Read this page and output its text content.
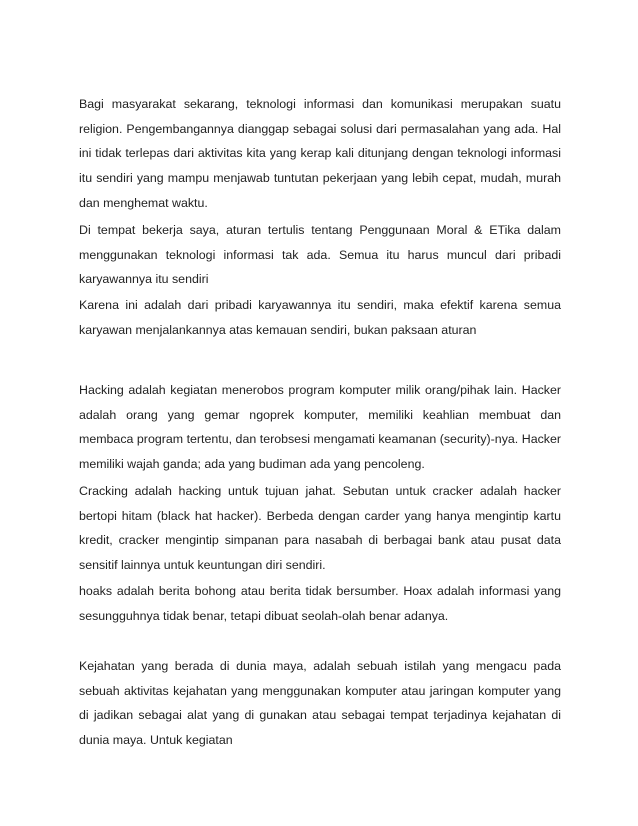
Bagi masyarakat sekarang, teknologi informasi dan komunikasi merupakan suatu religion. Pengembangannya dianggap sebagai solusi dari permasalahan yang ada. Hal ini tidak terlepas dari aktivitas kita yang kerap kali ditunjang dengan teknologi informasi itu sendiri yang mampu menjawab tuntutan pekerjaan yang lebih cepat, mudah, murah dan menghemat waktu.

Di tempat bekerja saya, aturan tertulis tentang Penggunaan Moral & ETika dalam menggunakan teknologi informasi tak ada. Semua itu harus muncul dari pribadi karyawannya itu sendiri

Karena ini adalah dari pribadi karyawannya itu sendiri, maka efektif karena semua karyawan menjalankannya atas kemauan sendiri, bukan paksaan aturan

Hacking adalah kegiatan menerobos program komputer milik orang/pihak lain. Hacker adalah orang yang gemar ngoprek komputer, memiliki keahlian membuat dan membaca program tertentu, dan terobsesi mengamati keamanan (security)-nya. Hacker memiliki wajah ganda; ada yang budiman ada yang pencoleng.

Cracking adalah hacking untuk tujuan jahat. Sebutan untuk cracker adalah hacker bertopi hitam (black hat hacker). Berbeda dengan carder yang hanya mengintip kartu kredit, cracker mengintip simpanan para nasabah di berbagai bank atau pusat data sensitif lainnya untuk keuntungan diri sendiri.

hoaks adalah berita bohong atau berita tidak bersumber. Hoax adalah informasi yang sesungguhnya tidak benar, tetapi dibuat seolah-olah benar adanya.

Kejahatan yang berada di dunia maya, adalah sebuah istilah yang mengacu pada sebuah aktivitas kejahatan yang menggunakan komputer atau jaringan komputer yang di jadikan sebagai alat yang di gunakan atau sebagai tempat terjadinya kejahatan di dunia maya. Untuk kegiatan
